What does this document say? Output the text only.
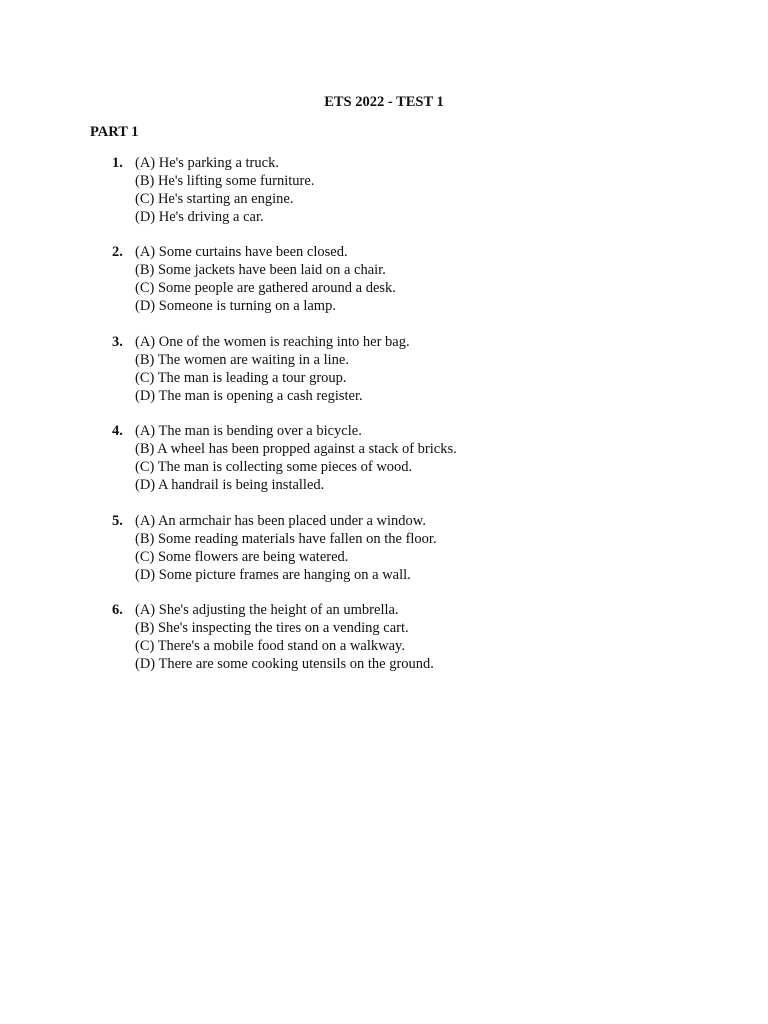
ETS 2022 - TEST 1
PART 1
1. (A) He's parking a truck.
(B) He's lifting some furniture.
(C) He's starting an engine.
(D) He's driving a car.
2. (A) Some curtains have been closed.
(B) Some jackets have been laid on a chair.
(C) Some people are gathered around a desk.
(D) Someone is turning on a lamp.
3. (A) One of the women is reaching into her bag.
(B) The women are waiting in a line.
(C) The man is leading a tour group.
(D) The man is opening a cash register.
4. (A) The man is bending over a bicycle.
(B) A wheel has been propped against a stack of bricks.
(C) The man is collecting some pieces of wood.
(D) A handrail is being installed.
5. (A) An armchair has been placed under a window.
(B) Some reading materials have fallen on the floor.
(C) Some flowers are being watered.
(D) Some picture frames are hanging on a wall.
6. (A) She's adjusting the height of an umbrella.
(B) She's inspecting the tires on a vending cart.
(C) There's a mobile food stand on a walkway.
(D) There are some cooking utensils on the ground.
